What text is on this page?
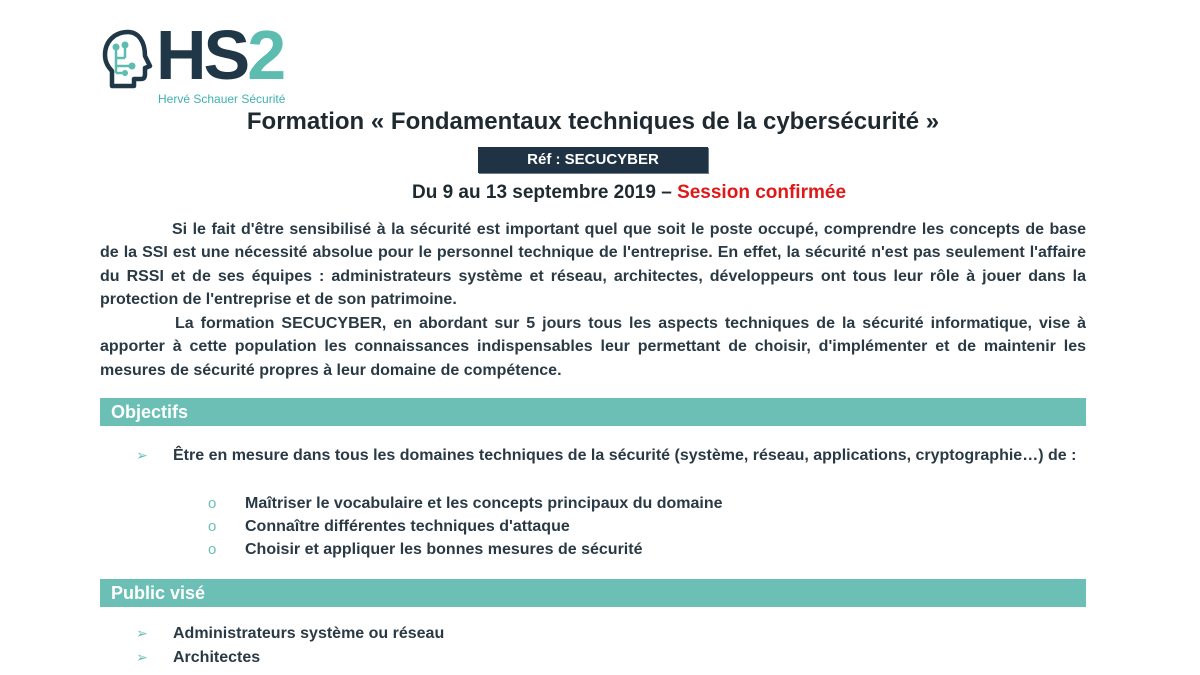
HS2
Hervé Schauer Sécurité
Formation « Fondamentaux techniques de la cybersécurité »
Réf : SECUCYBER
Du 9 au 13 septembre 2019 – Session confirmée
Si le fait d'être sensibilisé à la sécurité est important quel que soit le poste occupé, comprendre les concepts de base de la SSI est une nécessité absolue pour le personnel technique de l'entreprise. En effet, la sécurité n'est pas seulement l'affaire du RSSI et de ses équipes : administrateurs système et réseau, architectes, développeurs ont tous leur rôle à jouer dans la protection de l'entreprise et de son patrimoine.
La formation SECUCYBER, en abordant sur 5 jours tous les aspects techniques de la sécurité informatique, vise à apporter à cette population les connaissances indispensables leur permettant de choisir, d'implémenter et de maintenir les mesures de sécurité propres à leur domaine de compétence.
Objectifs
➢ Être en mesure dans tous les domaines techniques de la sécurité (système, réseau, applications, cryptographie…) de :
o Maîtriser le vocabulaire et les concepts principaux du domaine
o Connaître différentes techniques d'attaque
o Choisir et appliquer les bonnes mesures de sécurité
Public visé
➢ Administrateurs système ou réseau
➢ Architectes
